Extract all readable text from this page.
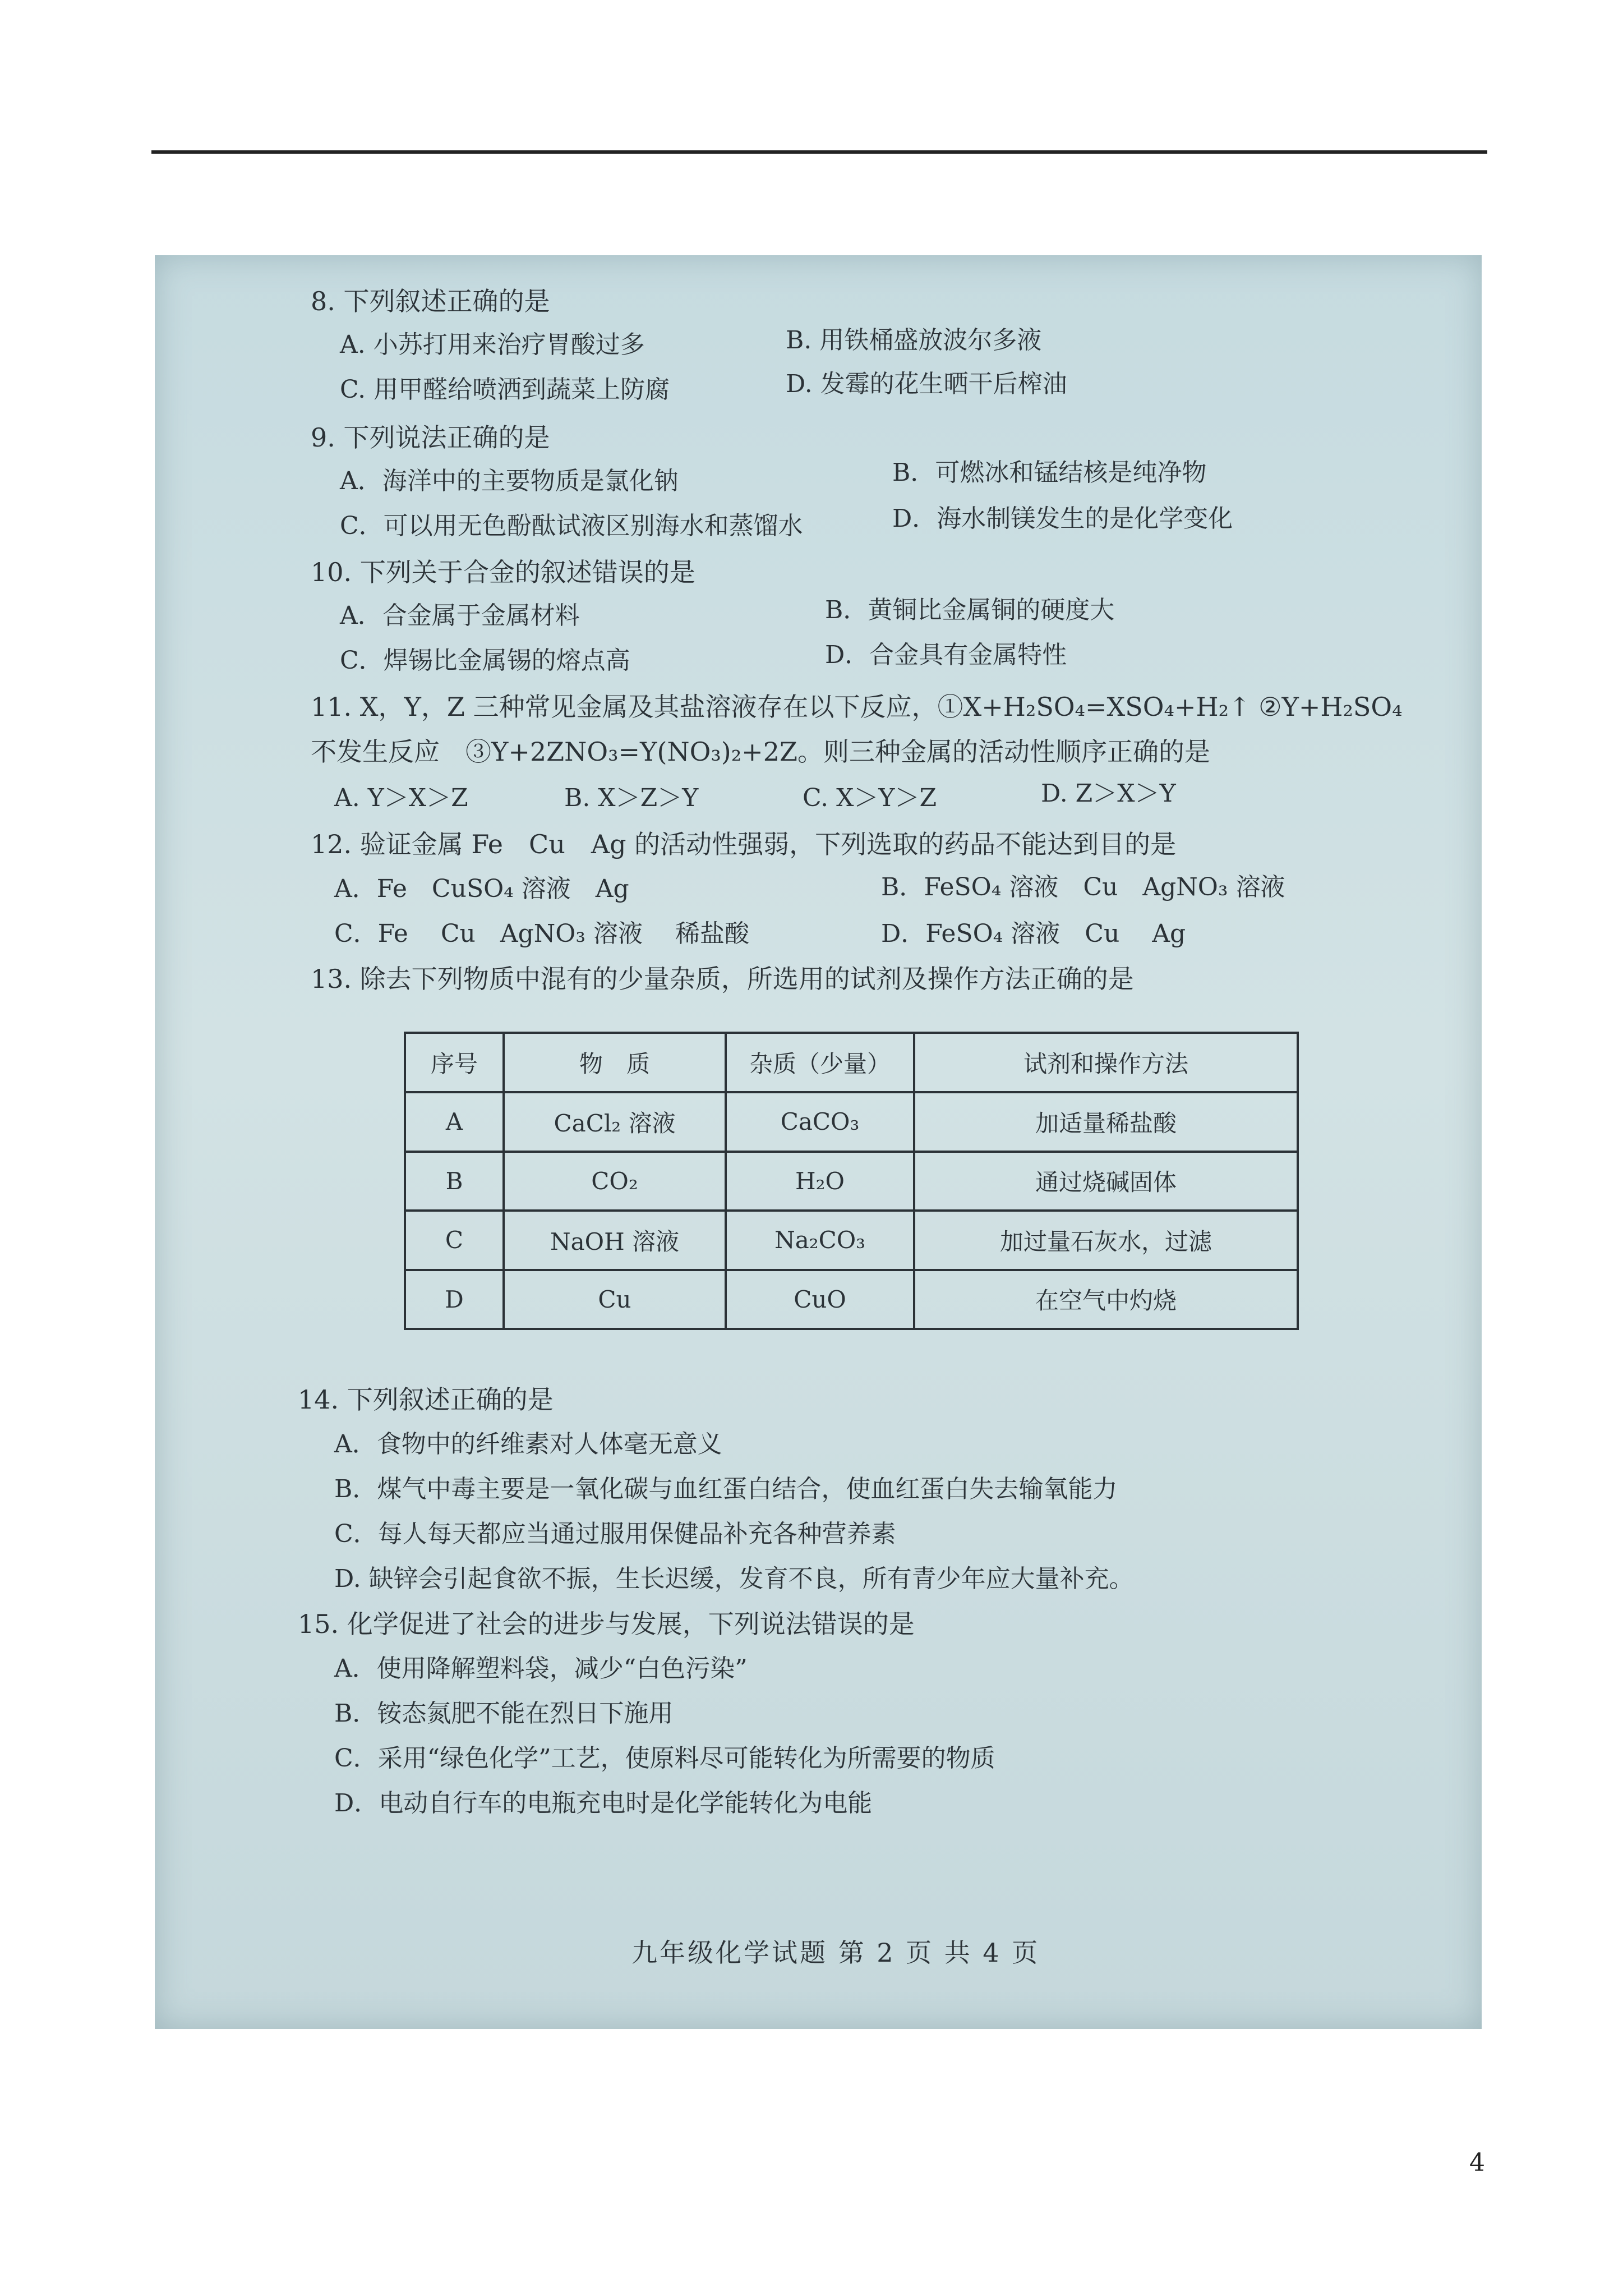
8. 下列叙述正确的是
A. 小苏打用来治疗胃酸过多	B. 用铁桶盛放波尔多液
C. 用甲醛给喷洒到蔬菜上防腐	D. 发霉的花生晒干后榨油
9. 下列说法正确的是
A．海洋中的主要物质是氯化钠	B．可燃冰和锰结核是纯净物
C．可以用无色酚酞试液区别海水和蒸馏水	D．海水制镁发生的是化学变化
10. 下列关于合金的叙述错误的是
A．合金属于金属材料	B．黄铜比金属铜的硬度大
C．焊锡比金属锡的熔点高	D．合金具有金属特性
11. X，Y，Z 三种常见金属及其盐溶液存在以下反应，①X+H₂SO₄=XSO₄+H₂↑ ②Y+H₂SO₄
不发生反应　③Y+2ZNO₃=Y(NO₃)₂+2Z。则三种金属的活动性顺序正确的是
A. Y＞X＞Z	B. X＞Z＞Y	C. X＞Y＞Z	D. Z＞X＞Y
12. 验证金属 Fe　Cu　Ag 的活动性强弱，下列选取的药品不能达到目的是
A．Fe　CuSO₄ 溶液　Ag	B．FeSO₄ 溶液　Cu　AgNO₃ 溶液
C．Fe　 Cu　AgNO₃ 溶液　 稀盐酸	D．FeSO₄ 溶液　Cu　 Ag
13. 除去下列物质中混有的少量杂质，所选用的试剂及操作方法正确的是
序号	物　质	杂质（少量）	试剂和操作方法
A	CaCl₂ 溶液	CaCO₃	加适量稀盐酸
B	CO₂	H₂O	通过烧碱固体
C	NaOH 溶液	Na₂CO₃	加过量石灰水，过滤
D	Cu	CuO	在空气中灼烧
14. 下列叙述正确的是
A．食物中的纤维素对人体毫无意义
B．煤气中毒主要是一氧化碳与血红蛋白结合，使血红蛋白失去输氧能力
C．每人每天都应当通过服用保健品补充各种营养素
D. 缺锌会引起食欲不振，生长迟缓，发育不良，所有青少年应大量补充。
15. 化学促进了社会的进步与发展，下列说法错误的是
A．使用降解塑料袋，减少“白色污染”
B．铵态氮肥不能在烈日下施用
C．采用“绿色化学”工艺，使原料尽可能转化为所需要的物质
D．电动自行车的电瓶充电时是化学能转化为电能
九年级化学试题 第 2 页 共 4 页
4
